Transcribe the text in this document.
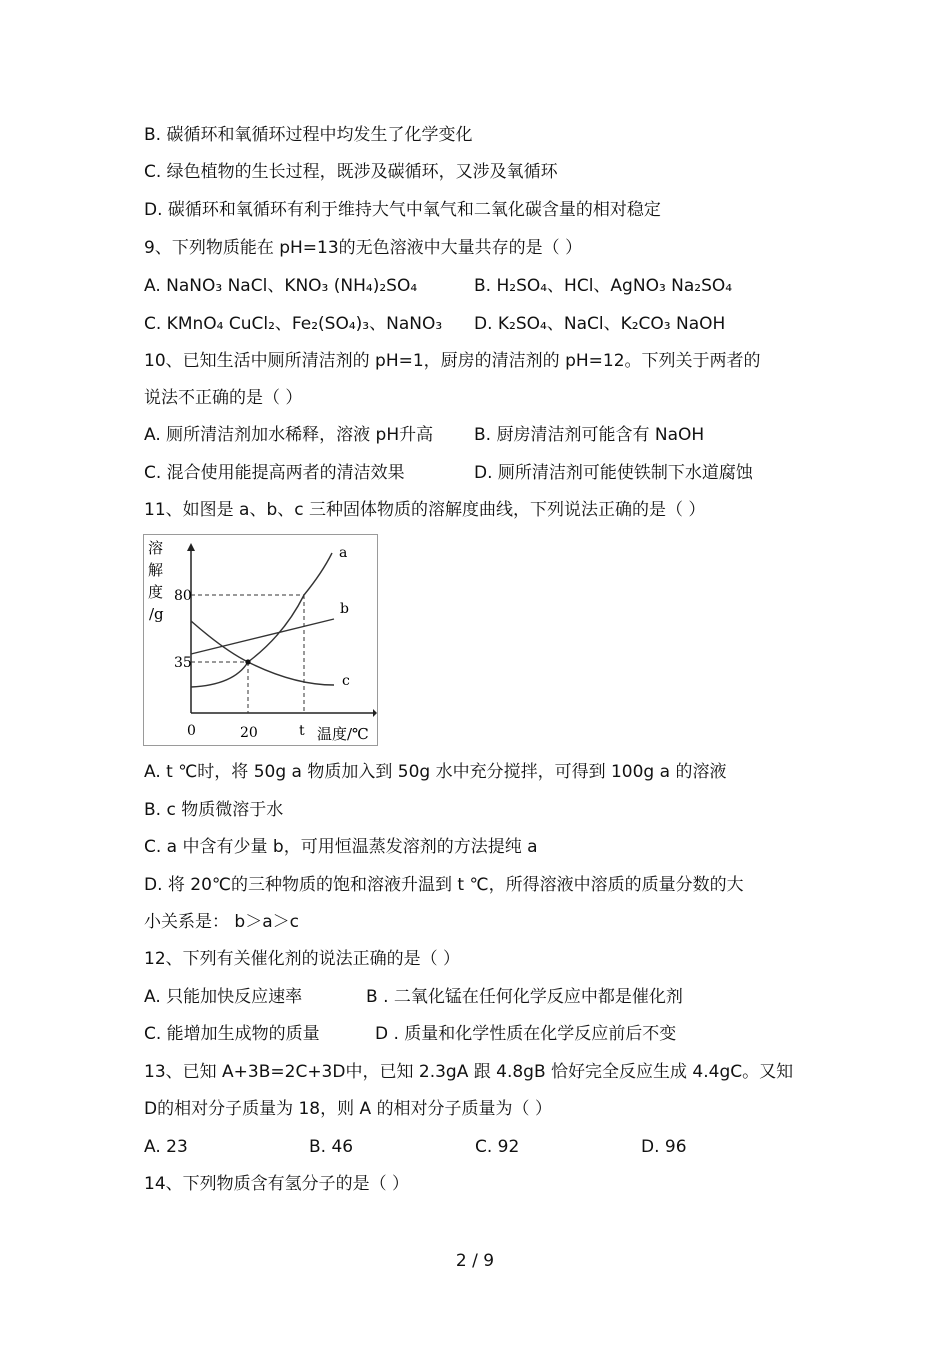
B. 碳循环和氧循环过程中均发生了化学变化
C. 绿色植物的生长过程，既涉及碳循环，又涉及氧循环
D. 碳循环和氧循环有利于维持大气中氧气和二氧化碳含量的相对稳定
9、下列物质能在 pH=13的无色溶液中大量共存的是（ ）
A. NaNO₃ NaCl、KNO₃ (NH₄)₂SO₄	B. H₂SO₄、HCl、AgNO₃ Na₂SO₄
C. KMnO₄ CuCl₂、Fe₂(SO₄)₃、NaNO₃ D. K₂SO₄、NaCl、K₂CO₃ NaOH
10、已知生活中厕所清洁剂的 pH=1，厨房的清洁剂的 pH=12。下列关于两者的
说法不正确的是（ ）
A. 厕所清洁剂加水稀释，溶液 pH升高 B. 厨房清洁剂可能含有 NaOH
C. 混合使用能提高两者的清洁效果	D. 厕所清洁剂可能使铁制下水道腐蚀
11、如图是 a、b、c 三种固体物质的溶解度曲线，下列说法正确的是（ ）
溶
解
度
/g
80
35
0	20	t 温度/℃
a
b
c
A. t ℃时，将 50g a 物质加入到 50g 水中充分搅拌，可得到 100g a 的溶液
B. c 物质微溶于水
C. a 中含有少量 b，可用恒温蒸发溶剂的方法提纯 a
D. 将 20℃的三种物质的饱和溶液升温到 t ℃，所得溶液中溶质的质量分数的大
小关系是： b＞a＞c
12、下列有关催化剂的说法正确的是（ ）
A. 只能加快反应速率	B . 二氧化锰在任何化学反应中都是催化剂
C. 能增加生成物的质量	D . 质量和化学性质在化学反应前后不变
13、已知 A+3B=2C+3D中，已知 2.3gA 跟 4.8gB 恰好完全反应生成 4.4gC。又知
D的相对分子质量为 18，则 A 的相对分子质量为（ ）
A. 23	B. 46	C. 92	D. 96
14、下列物质含有氢分子的是（ ）
2 / 9
